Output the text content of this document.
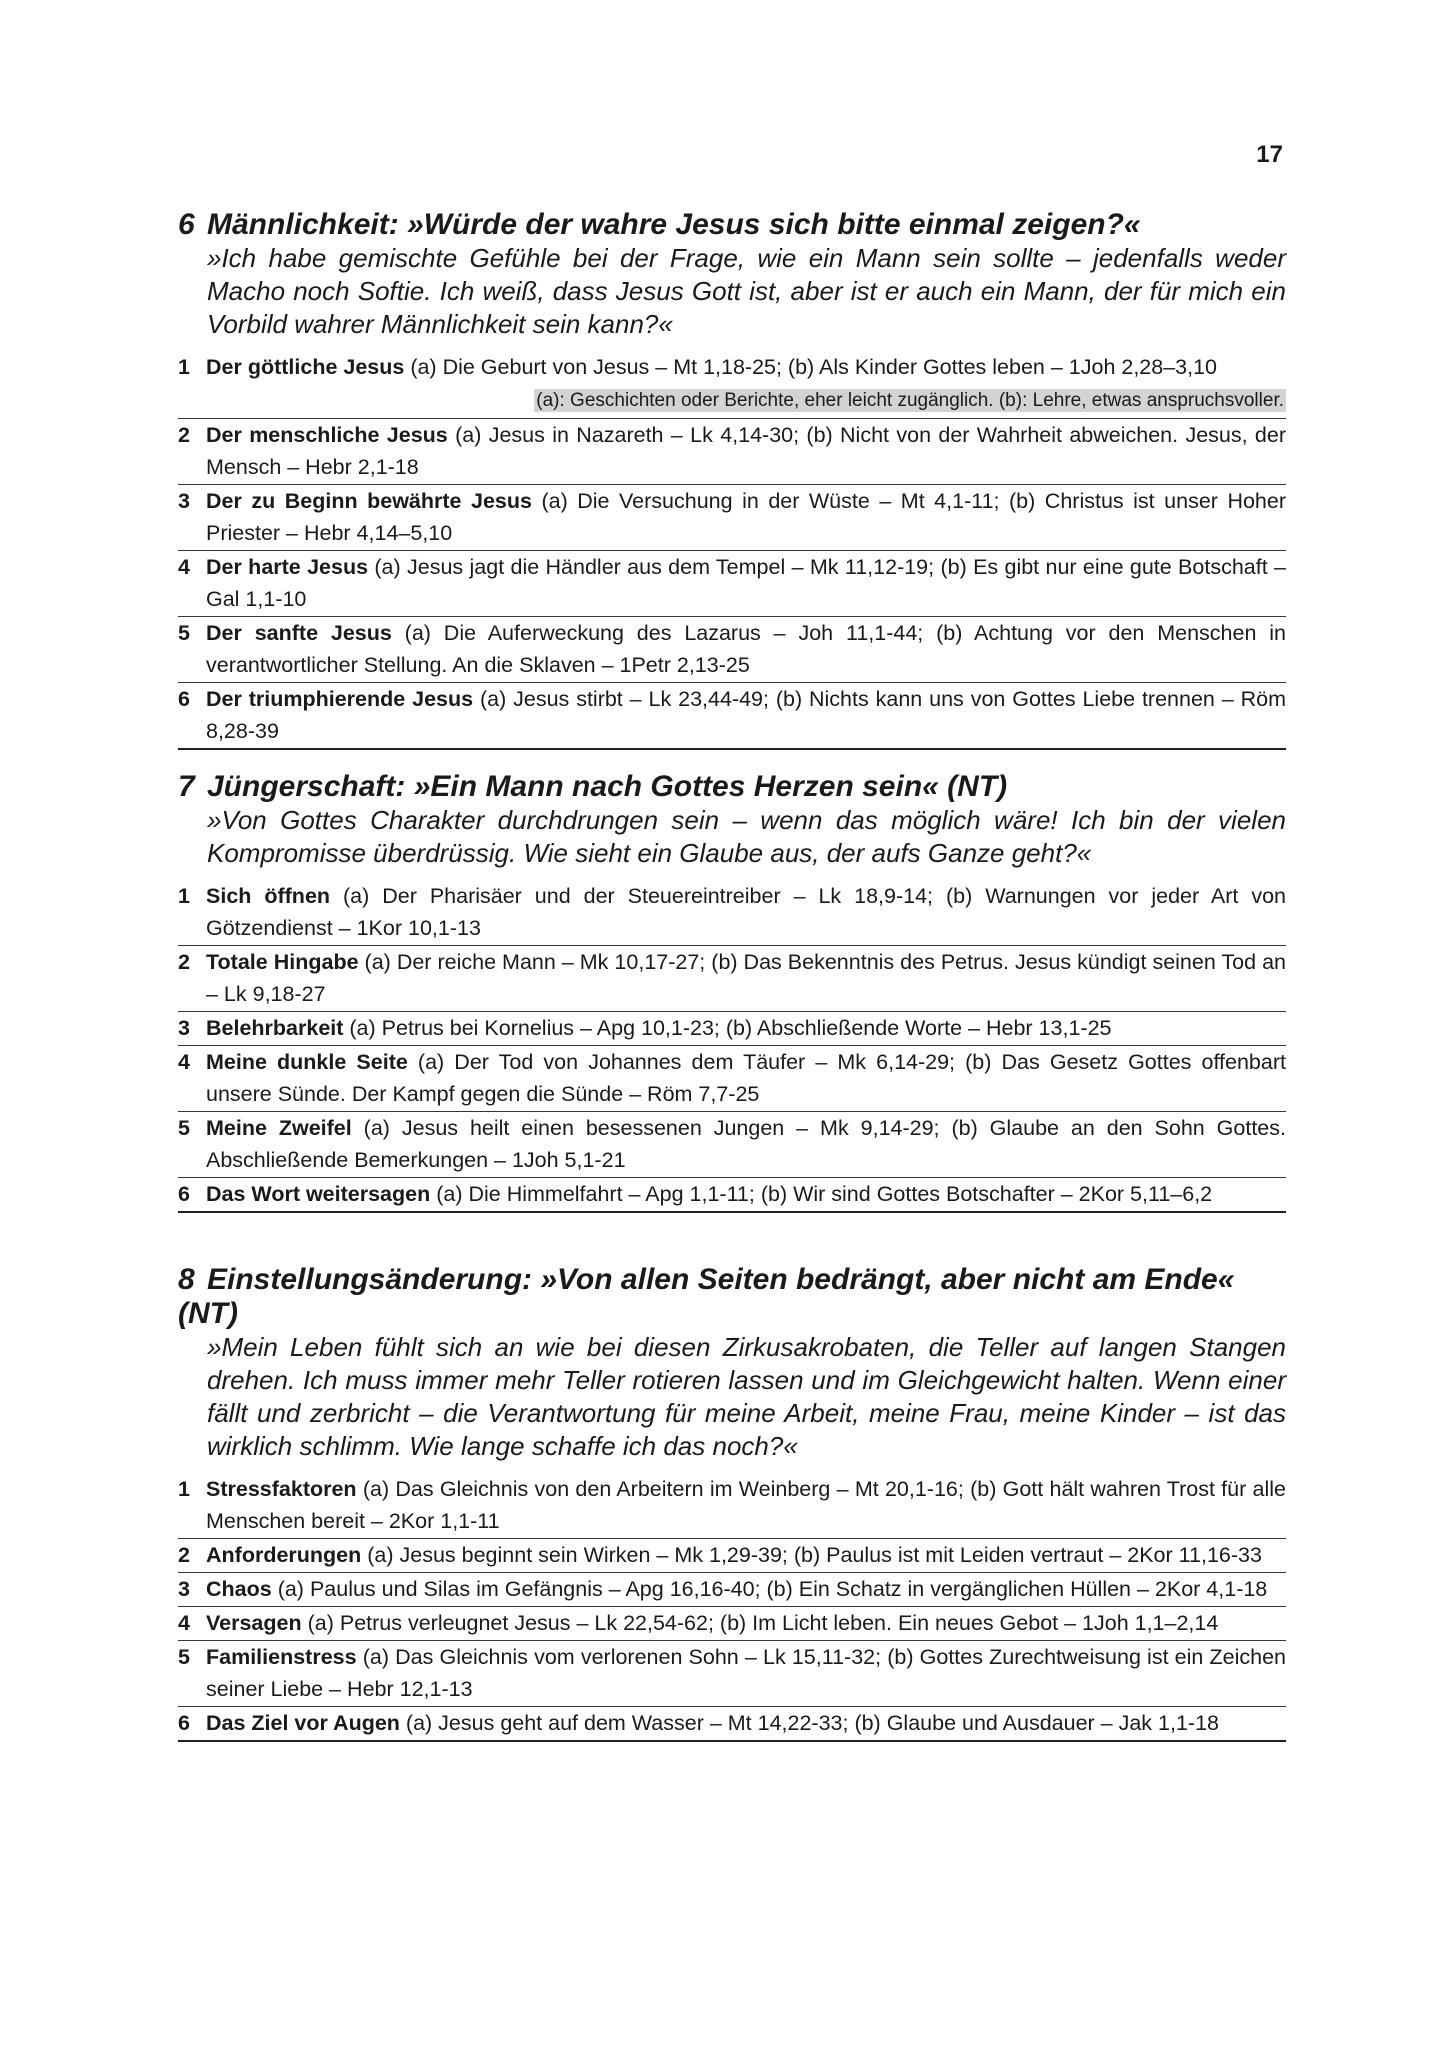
17

6 Männlichkeit: »Würde der wahre Jesus sich bitte einmal zeigen?«

»Ich habe gemischte Gefühle bei der Frage, wie ein Mann sein sollte – jedenfalls weder Macho noch Softie. Ich weiß, dass Jesus Gott ist, aber ist er auch ein Mann, der für mich ein Vorbild wahrer Männlichkeit sein kann?«

1 Der göttliche Jesus (a) Die Geburt von Jesus – Mt 1,18-25; (b) Als Kinder Gottes leben – 1Joh 2,28–3,10
(a): Geschichten oder Berichte, eher leicht zugänglich. (b): Lehre, etwas anspruchsvoller.
2 Der menschliche Jesus (a) Jesus in Nazareth – Lk 4,14-30; (b) Nicht von der Wahrheit abweichen. Jesus, der Mensch – Hebr 2,1-18
3 Der zu Beginn bewährte Jesus (a) Die Versuchung in der Wüste – Mt 4,1-11; (b) Christus ist unser Hoher Priester – Hebr 4,14–5,10
4 Der harte Jesus (a) Jesus jagt die Händler aus dem Tempel – Mk 11,12-19; (b) Es gibt nur eine gute Botschaft – Gal 1,1-10
5 Der sanfte Jesus (a) Die Auferweckung des Lazarus – Joh 11,1-44; (b) Achtung vor den Menschen in verantwortlicher Stellung. An die Sklaven – 1Petr 2,13-25
6 Der triumphierende Jesus (a) Jesus stirbt – Lk 23,44-49; (b) Nichts kann uns von Gottes Liebe trennen – Röm 8,28-39

7 Jüngerschaft: »Ein Mann nach Gottes Herzen sein« (NT)

»Von Gottes Charakter durchdrungen sein – wenn das möglich wäre! Ich bin der vielen Kompromisse überdrüssig. Wie sieht ein Glaube aus, der aufs Ganze geht?«

1 Sich öffnen (a) Der Pharisäer und der Steuereintreiber – Lk 18,9-14; (b) Warnungen vor jeder Art von Götzendienst – 1Kor 10,1-13
2 Totale Hingabe (a) Der reiche Mann – Mk 10,17-27; (b) Das Bekenntnis des Petrus. Jesus kündigt seinen Tod an – Lk 9,18-27
3 Belehrbarkeit (a) Petrus bei Kornelius – Apg 10,1-23; (b) Abschließende Worte – Hebr 13,1-25
4 Meine dunkle Seite (a) Der Tod von Johannes dem Täufer – Mk 6,14-29; (b) Das Gesetz Gottes offenbart unsere Sünde. Der Kampf gegen die Sünde – Röm 7,7-25
5 Meine Zweifel (a) Jesus heilt einen besessenen Jungen – Mk 9,14-29; (b) Glaube an den Sohn Gottes. Abschließende Bemerkungen – 1Joh 5,1-21
6 Das Wort weitersagen (a) Die Himmelfahrt – Apg 1,1-11; (b) Wir sind Gottes Botschafter – 2Kor 5,11–6,2

8 Einstellungsänderung: »Von allen Seiten bedrängt, aber nicht am Ende« (NT)

»Mein Leben fühlt sich an wie bei diesen Zirkusakrobaten, die Teller auf langen Stangen drehen. Ich muss immer mehr Teller rotieren lassen und im Gleichgewicht halten. Wenn einer fällt und zerbricht – die Verantwortung für meine Arbeit, meine Frau, meine Kinder – ist das wirklich schlimm. Wie lange schaffe ich das noch?«

1 Stressfaktoren (a) Das Gleichnis von den Arbeitern im Weinberg – Mt 20,1-16; (b) Gott hält wahren Trost für alle Menschen bereit – 2Kor 1,1-11
2 Anforderungen (a) Jesus beginnt sein Wirken – Mk 1,29-39; (b) Paulus ist mit Leiden vertraut – 2Kor 11,16-33
3 Chaos (a) Paulus und Silas im Gefängnis – Apg 16,16-40; (b) Ein Schatz in vergänglichen Hüllen – 2Kor 4,1-18
4 Versagen (a) Petrus verleugnet Jesus – Lk 22,54-62; (b) Im Licht leben. Ein neues Gebot – 1Joh 1,1–2,14
5 Familienstress (a) Das Gleichnis vom verlorenen Sohn – Lk 15,11-32; (b) Gottes Zurechtweisung ist ein Zeichen seiner Liebe – Hebr 12,1-13
6 Das Ziel vor Augen (a) Jesus geht auf dem Wasser – Mt 14,22-33; (b) Glaube und Ausdauer – Jak 1,1-18
